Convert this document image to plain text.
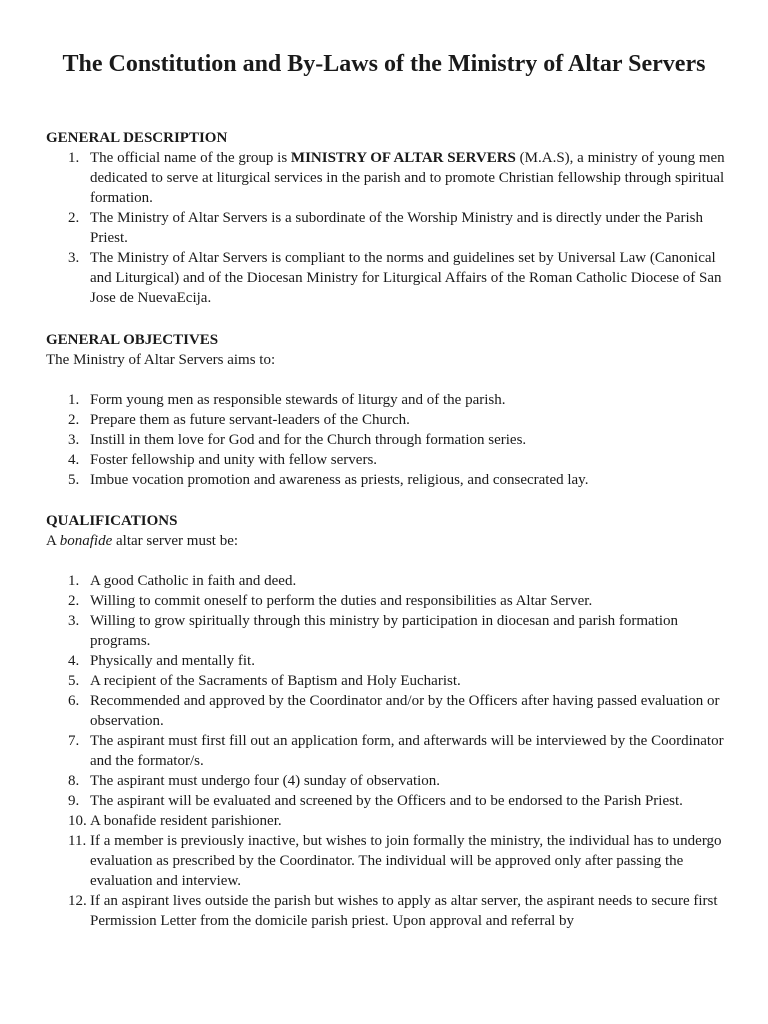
The Constitution and By-Laws of the Ministry of Altar Servers
GENERAL DESCRIPTION
1. The official name of the group is MINISTRY OF ALTAR SERVERS (M.A.S), a ministry of young men dedicated to serve at liturgical services in the parish and to promote Christian fellowship through spiritual formation.
2. The Ministry of Altar Servers is a subordinate of the Worship Ministry and is directly under the Parish Priest.
3. The Ministry of Altar Servers is compliant to the norms and guidelines set by Universal Law (Canonical and Liturgical) and of the Diocesan Ministry for Liturgical Affairs of the Roman Catholic Diocese of San Jose de NuevaEcija.
GENERAL OBJECTIVES

The Ministry of Altar Servers aims to:

1. Form young men as responsible stewards of liturgy and of the parish.
2. Prepare them as future servant-leaders of the Church.
3. Instill in them love for God and for the Church through formation series.
4. Foster fellowship and unity with fellow servers.
5. Imbue vocation promotion and awareness as priests, religious, and consecrated lay.
QUALIFICATIONS

A bonafide altar server must be:

1. A good Catholic in faith and deed.
2. Willing to commit oneself to perform the duties and responsibilities as Altar Server.
3. Willing to grow spiritually through this ministry by participation in diocesan and parish formation programs.
4. Physically and mentally fit.
5. A recipient of the Sacraments of Baptism and Holy Eucharist.
6. Recommended and approved by the Coordinator and/or by the Officers after having passed evaluation or observation.
7. The aspirant must first fill out an application form, and afterwards will be interviewed by the Coordinator and the formator/s.
8. The aspirant must undergo four (4) sunday of observation.
9. The aspirant will be evaluated and screened by the Officers and to be endorsed to the Parish Priest.
10. A bonafide resident parishioner.
11. If a member is previously inactive, but wishes to join formally the ministry, the individual has to undergo evaluation as prescribed by the Coordinator. The individual will be approved only after passing the evaluation and interview.
12. If an aspirant lives outside the parish but wishes to apply as altar server, the aspirant needs to secure first Permission Letter from the domicile parish priest. Upon approval and referral by
